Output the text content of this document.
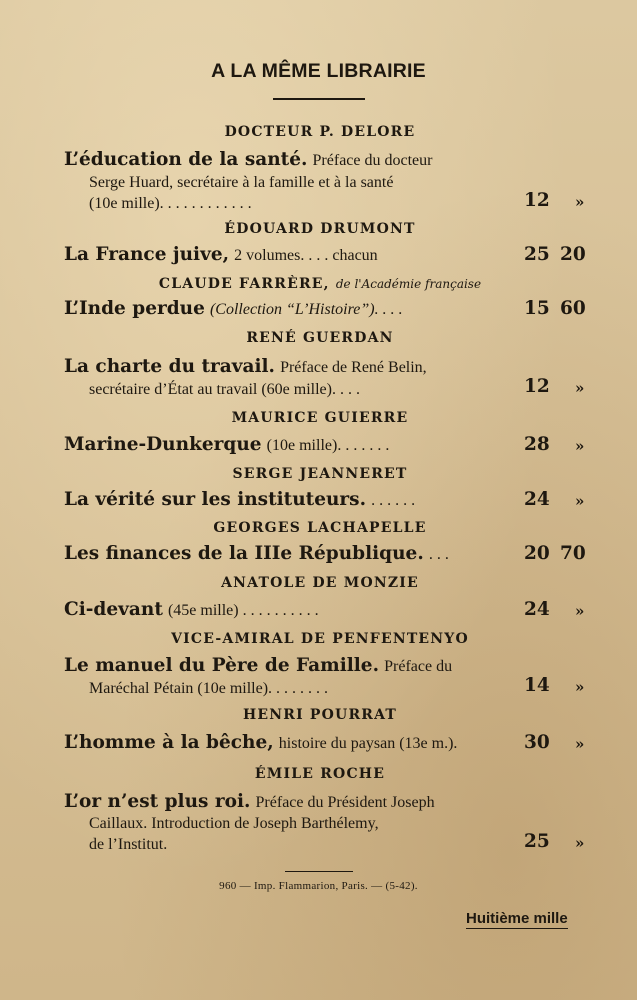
A LA MÊME LIBRAIRIE
DOCTEUR P. DELORE
L’éducation de la santé. Préface du docteur
Serge Huard, secrétaire à la famille et à la santé
(10e mille). . . . . . . . . . . .	12 »
ÉDOUARD DRUMONT
La France juive, 2 volumes. . . . chacun	25 20
CLAUDE FARRÈRE, de l'Académie française
L’Inde perdue (Collection “L’Histoire”). . . .	15 60
RENÉ GUERDAN
La charte du travail. Préface de René Belin,
secrétaire d’État au travail (60e mille). . . .	12 »
MAURICE GUIERRE
Marine-Dunkerque (10e mille). . . . . . .	28 »
SERGE JEANNERET
La vérité sur les instituteurs. . . . . . .	24 »
GEORGES LACHAPELLE
Les finances de la IIIe République. . . .	20 70
ANATOLE DE MONZIE
Ci-devant (45e mille) . . . . . . . . . .	24 »
VICE-AMIRAL DE PENFENTENYO
Le manuel du Père de Famille. Préface du
Maréchal Pétain (10e mille). . . . . . . .	14 »
HENRI POURRAT
L’homme à la bêche, histoire du paysan (13e m.).	30 »
ÉMILE ROCHE
L’or n’est plus roi. Préface du Président Joseph
Caillaux. Introduction de Joseph Barthélemy,
de l’Institut.	25 »
960 — Imp. Flammarion, Paris. — (5-42).
Huitième mille
